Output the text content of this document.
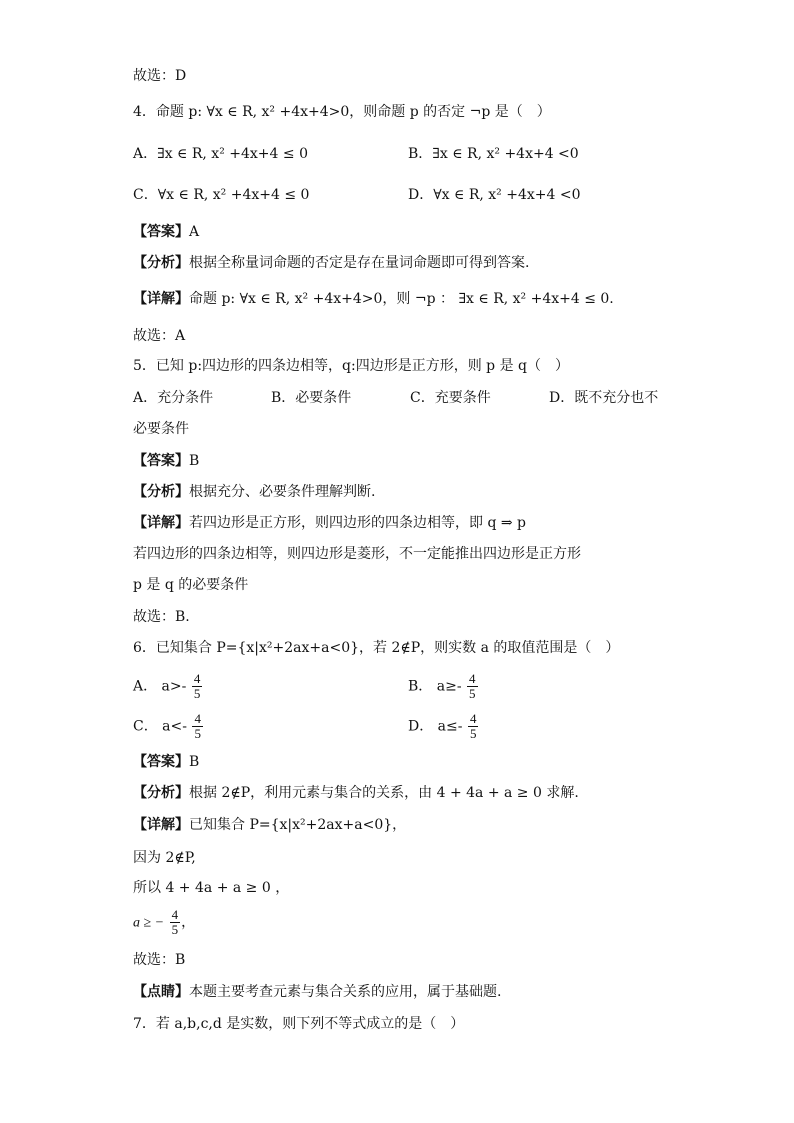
故选：D
4．命题 p: ∀x ∈ R, x² +4x+4>0，则命题 p 的否定 ¬p 是（　）
A．∃x ∈ R, x² +4x+4 ≤ 0	B．∃x ∈ R, x² +4x+4 <0
C．∀x ∈ R, x² +4x+4 ≤ 0	D．∀x ∈ R, x² +4x+4 <0
【答案】A
【分析】根据全称量词命题的否定是存在量词命题即可得到答案.
【详解】命题 p: ∀x ∈ R, x² +4x+4>0，则 ¬p ： ∃x ∈ R, x² +4x+4 ≤ 0.
故选：A
5．已知 p:四边形的四条边相等，q:四边形是正方形，则 p 是 q（　）
A．充分条件	B．必要条件	C．充要条件	D．既不充分也不
必要条件
【答案】B
【分析】根据充分、必要条件理解判断.
【详解】若四边形是正方形，则四边形的四条边相等，即 q ⇒ p
若四边形的四条边相等，则四边形是菱形，不一定能推出四边形是正方形
p 是 q 的必要条件
故选：B.
6．已知集合 P={x|x²+2ax+a<0}，若 2∉P，则实数 a 的取值范围是（　）
A． $a>- \frac{4}{5}$	B． $a\ge- \frac{4}{5}$
C． $a<- \frac{4}{5}$	D． $a\le- \frac{4}{5}$
【答案】B
【分析】根据 2∉P，利用元素与集合的关系，由 4 + 4a + a ≥ 0 求解.
【详解】已知集合 P={x|x²+2ax+a<0}，
因为 2∉P,
所以 4 + 4a + a ≥ 0 ，
a ≥ − $\frac{4}{5}$ ，
故选：B
【点睛】本题主要考查元素与集合关系的应用，属于基础题.
7．若 a,b,c,d 是实数，则下列不等式成立的是（　）
